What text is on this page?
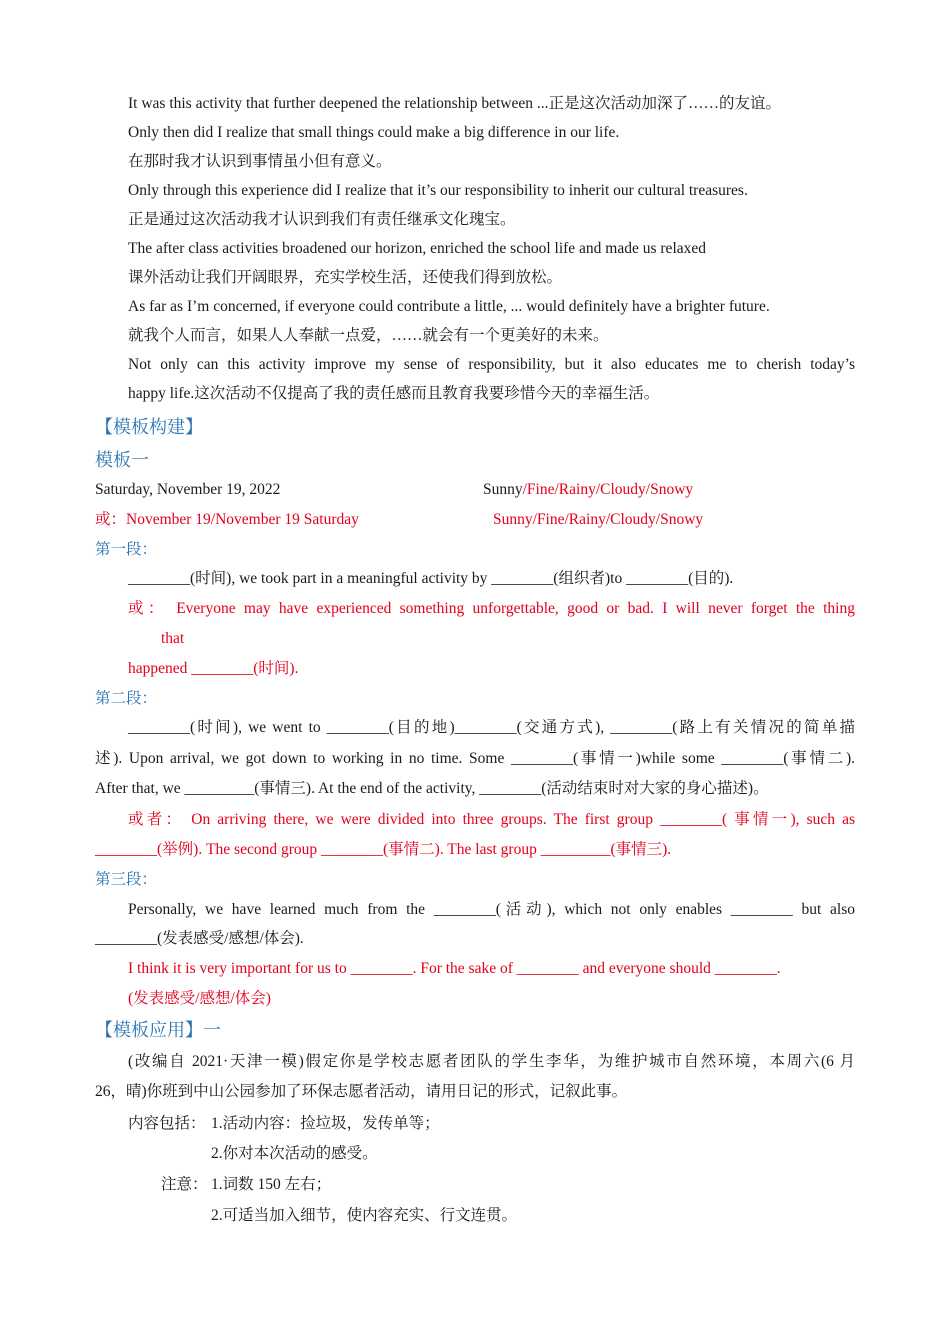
It was this activity that further deepened the relationship between ...正是这次活动加深了……的友谊。
Only then did I realize that small things could make a big difference in our life.
在那时我才认识到事情虽小但有意义。
Only through this experience did I realize that it’s our responsibility to inherit our cultural treasures.
正是通过这次活动我才认识到我们有责任继承文化瑰宝。
The after class activities broadened our horizon, enriched the school life and made us relaxed
课外活动让我们开阔眼界，充实学校生活，还使我们得到放松。
As far as I’m concerned, if everyone could contribute a little, ... would definitely have a brighter future.
就我个人而言，如果人人奉献一点爱，……就会有一个更美好的未来。
Not only can this activity improve my sense of responsibility, but it also educates me to cherish today’s
happy life.这次活动不仅提高了我的责任感而且教育我要珍惜今天的幸福生活。
【模板构建】
模板一
Saturday, November 19, 2022	Sunny/Fine/Rainy/Cloudy/Snowy
或：November 19/November 19 Saturday	Sunny/Fine/Rainy/Cloudy/Snowy
第一段：
________(时间), we took part in a meaningful activity by ________(组织者)to ________(目的).
或： Everyone may have experienced something unforgettable, good or bad. I will never forget the thing
that
happened ________(时间).
第二段：
________(时间), we went to ________(目的地)________(交通方式), ________(路上有关情况的简单描
述). Upon arrival, we got down to working in no time. Some ________(事情一)while some ________(事情二).
After that, we _________(事情三). At the end of the activity, ________(活动结束时对大家的身心描述)。
或者： On arriving there, we were divided into three groups. The first group ________( 事情一), such as
________(举例). The second group ________(事情二). The last group _________(事情三).
第三段：
Personally, we have learned much from the ________(活动), which not only enables ________ but also
________(发表感受/感想/体会).
I think it is very important for us to ________. For the sake of ________ and everyone should ________.
(发表感受/感想/体会)
【模板应用】一
(改编自 2021·天津一模)假定你是学校志愿者团队的学生李华，为维护城市自然环境，本周六(6 月
26，晴)你班到中山公园参加了环保志愿者活动，请用日记的形式，记叙此事。
内容包括： 1.活动内容：捡垃圾，发传单等；
2.你对本次活动的感受。
注意： 1.词数 150 左右；
2.可适当加入细节，使内容充实、行文连贯。
